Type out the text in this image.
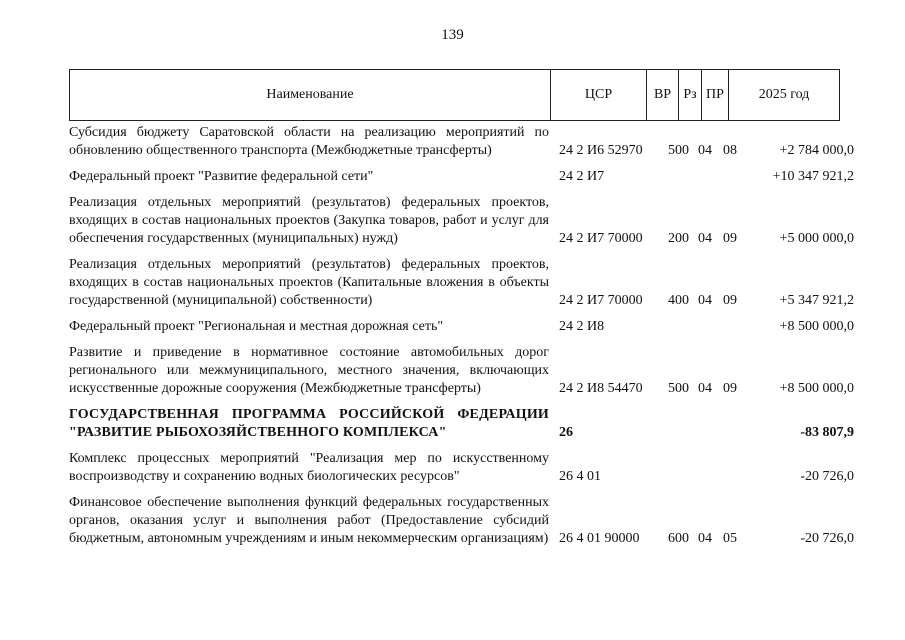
139
Наименование	ЦСР	ВР	Рз	ПР	2025 год
Субсидия бюджету Саратовской области на реализацию мероприятий по обновлению общественного транспорта (Межбюджетные трансферты)	24 2 И6 52970	500	04	08	+2 784 000,0
Федеральный проект "Развитие федеральной сети"	24 2 И7				+10 347 921,2
Реализация отдельных мероприятий (результатов) федеральных проектов, входящих в состав национальных проектов (Закупка товаров, работ и услуг для обеспечения государственных (муниципальных) нужд)	24 2 И7 70000	200	04	09	+5 000 000,0
Реализация отдельных мероприятий (результатов) федеральных проектов, входящих в состав национальных проектов (Капитальные вложения в объекты государственной (муниципальной) собственности)	24 2 И7 70000	400	04	09	+5 347 921,2
Федеральный проект "Региональная и местная дорожная сеть"	24 2 И8				+8 500 000,0
Развитие и приведение в нормативное состояние автомобильных дорог регионального или межмуниципального, местного значения, включающих искусственные дорожные сооружения (Межбюджетные трансферты)	24 2 И8 54470	500	04	09	+8 500 000,0
ГОСУДАРСТВЕННАЯ ПРОГРАММА РОССИЙСКОЙ ФЕДЕРАЦИИ "РАЗВИТИЕ РЫБОХОЗЯЙСТВЕННОГО КОМПЛЕКСА"	26				-83 807,9
Комплекс процессных мероприятий "Реализация мер по искусственному воспроизводству и сохранению водных биологических ресурсов"	26 4 01				-20 726,0
Финансовое обеспечение выполнения функций федеральных государственных органов, оказания услуг и выполнения работ (Предоставление субсидий бюджетным, автономным учреждениям и иным некоммерческим организациям)	26 4 01 90000	600	04	05	-20 726,0
